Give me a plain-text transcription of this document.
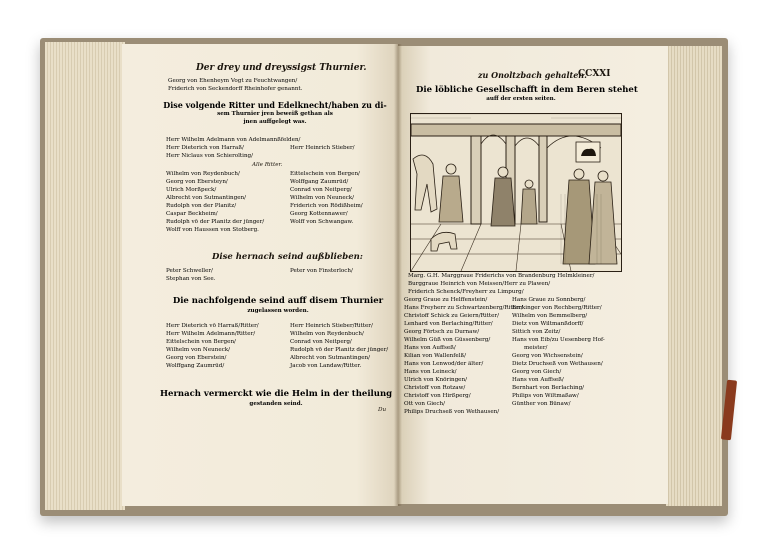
Der drey und dreyssigst Thurnier.
Georg von Ehenheym Vogt zu Feuchtwangen/
Friderich von Seckendorff Rheinhofer genannt.
Dise volgende Ritter und Edelknecht/haben zu di-
sem Thurnier jren beweiß gethan als
jnen auffgelegt was.
Herr Wilhelm Adelmann von Adelmannßfelden/
Herr Dieterich von Harraß/
Herr Niclaus von Schierolting/
Herr Heinrich Stieber/
Alle Ritter.
Wilhelm von Reydenbuch/
Georg von Ebersteyn/
Ulrich Morßpeck/
Albrecht von Sutmantingen/
Rudolph von der Planitz/
Caspar Beckheim/
Rudolph vō der Planitz der jünger/
Wolff von Haussen von Stotberg.
Eittelschein von Bergen/
Wolffgang Zaumrüd/
Conrad von Neitperg/
Wilhelm von Neuneck/
Friderich von Rödißheim/
Georg Kottennawer/
Wolff von Schwangaw.
Dise hernach seind außblieben:
Peter Schweller/
Stephan von See.
Peter von Finsterloch/
Die nachfolgende seind auff disem Thurnier
zugelassen worden.
Herr Dieterich vō Harraß/Ritter/
Herr Wilhelm Adelmann/Ritter/
Eittelschein von Bergen/
Wilhelm von Neuneck/
Georg von Eberstein/
Wolffgang Zaumrüd/
Herr Heinrich Stieber/Ritter/
Wilhelm von Reydenbuch/
Conrad von Neitperg/
Rudolph vō der Planitz der jünger/
Albrecht von Sutmantingen/
Jacob von Landaw/Ritter.
Hernach vermerckt wie die Helm in der theilung
gestanden seind.
Du
zu Onoltzbach gehalten.
CCXXI
Die löbliche Gesellschafft in dem Beren stehet
auff der ersten seiten.
Marg. G.H. Marggraue Friderichs von Brandenburg Helmkleiner/
Burggraue Heinrich von Meissen/Herr zu Plawen/
Friderich Schenck/Freyherr zu Limpurg/
Georg Graue zu Helffenstein/
Hans Freyherr zu Schwartzenberg/Ritter/
Christoff Schick zu Geiern/Ritter/
Lenhard von Berlaching/Ritter/
Georg Förtsch zu Durnaw/
Wilhelm Güß von Güssenberg/
Hans von Auffseß/
Kilian von Wallenfelß/
Hans von Lenwod/der älter/
Hans von Leineck/
Ulrich von Knöringen/
Christoff von Rotzaw/
Christoff von Hirßperg/
Ott von Giech/
Philips Druchseß von Wethausen/
Hans Graue zu Sonnberg/
Erckinger von Rechberg/Ritter/
Wilhelm von Bemmelberg/
Dietz von Wiltmanßdorff/
Sittich von Zeitz/
Hans von Eib/zu Uesenberg Hof-
meister/
Georg von Wichsenstein/
Dietz Druchseß von Wethausen/
Georg von Giech/
Hans von Auffseß/
Bernhart von Berlaching/
Philips von Wiltmaßaw/
Günther von Bünaw/
